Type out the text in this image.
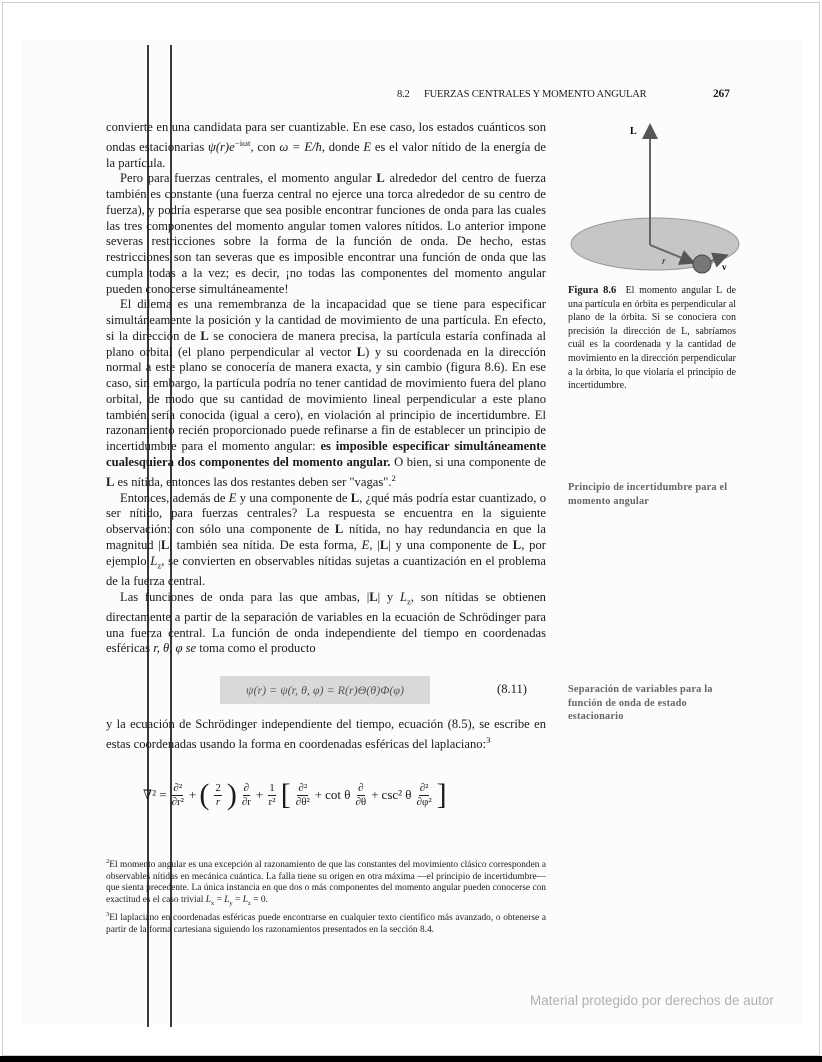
8.2 FUERZAS CENTRALES Y MOMENTO ANGULAR	267

convierte en una candidata para ser cuantizable. En ese caso, los estados cuánticos son ondas estacionarias $\psi(r)e^{-i\omega t}$, con ω = E/ħ, donde E es el valor nítido de la energía de la partícula.

Pero para fuerzas centrales, el momento angular L alrededor del centro de fuerza también es constante (una fuerza central no ejerce una torca alrededor de su centro de fuerza), y podría esperarse que sea posible encontrar funciones de onda para las cuales las tres componentes del momento angular tomen valores nítidos. Lo anterior impone severas restricciones sobre la forma de la función de onda. De hecho, estas restricciones son tan severas que es imposible encontrar una función de onda que las cumpla todas a la vez; es decir, ¡no todas las componentes del momento angular pueden conocerse simultáneamente!

El dilema es una remembranza de la incapacidad que se tiene para especificar simultáneamente la posición y la cantidad de movimiento de una partícula. En efecto, si la dirección de L se conociera de manera precisa, la partícula estaría confinada al plano orbital (el plano perpendicular al vector L) y su coordenada en la dirección normal a este plano se conocería de manera exacta, y sin cambio (figura 8.6). En ese caso, sin embargo, la partícula podría no tener cantidad de movimiento fuera del plano orbital, de modo que su cantidad de movimiento lineal perpendicular a este plano también sería conocida (igual a cero), en violación al principio de incertidumbre. El razonamiento recién proporcionado puede refinarse a fin de establecer un principio de incertidumbre para el momento angular: es imposible especificar simultáneamente cualesquiera dos componentes del momento angular. O bien, si una componente de L es nítida, entonces las dos restantes deben ser "vagas".$^2$

Entonces, además de E y una componente de L, ¿qué más podría estar cuantizado, o ser nítido, para fuerzas centrales? La respuesta se encuentra en la siguiente observación: con sólo una componente de L nítida, no hay redundancia en que la magnitud |L| también sea nítida. De esta forma, E, |L| y una componente de L, por ejemplo $L_z$, se convierten en observables nítidas sujetas a cuantización en el problema de la fuerza central.

Las funciones de onda para las que ambas, |L| y $L_z$, son nítidas se obtienen directamente a partir de la separación de variables en la ecuación de Schrödinger para una fuerza central. La función de onda independiente del tiempo en coordenadas esféricas r, θ, φ se toma como el producto

ψ(r) = ψ(r, θ, φ) = R(r)Θ(θ)Φ(φ)	(8.11)

y la ecuación de Schrödinger independiente del tiempo, ecuación (8.5), se escribe en estas coordenadas usando la forma en coordenadas esféricas del laplaciano:$^3$

$\nabla^2 = \frac{\text{∂²}}{\text{∂r²}}$ + ( $\frac{2}{r}$ ) $\frac{\partial}{\partial r} + \frac{1}{\text{r²}}$ [ $\frac{\text{∂²}}{\text{∂θ²}} + \cot \theta \frac{\partial}{\partial\theta} + \csc^2$ θ $\frac{\text{∂²}}{\text{∂φ²}}$ ]

$^2$El momento angular es una excepción al razonamiento de que las constantes del movimiento clásico corresponden a observables nítidas en mecánica cuántica. La falla tiene su origen en otra máxima —el principio de incertidumbre— que sienta precedente. La única instancia en que dos o más componentes del momento angular pueden conocerse con exactitud es el caso trivial $L_x = L_y = L_z = 0$.

$^3$El laplaciano en coordenadas esféricas puede encontrarse en cualquier texto científico más avanzado, o obtenerse a partir de la forma cartesiana siguiendo los razonamientos presentados en la sección 8.4.

L
r
v
Figura 8.6 El momento angular L de una partícula en órbita es perpendicular al plano de la órbita. Si se conociera con precisión la dirección de L, sabríamos cuál es la coordenada y la cantidad de movimiento en la dirección perpendicular a la órbita, lo que violaría el principio de incertidumbre.
Principio de incertidumbre para el momento angular
Separación de variables para la función de onda de estado estacionario
Material protegido por derechos de autor
